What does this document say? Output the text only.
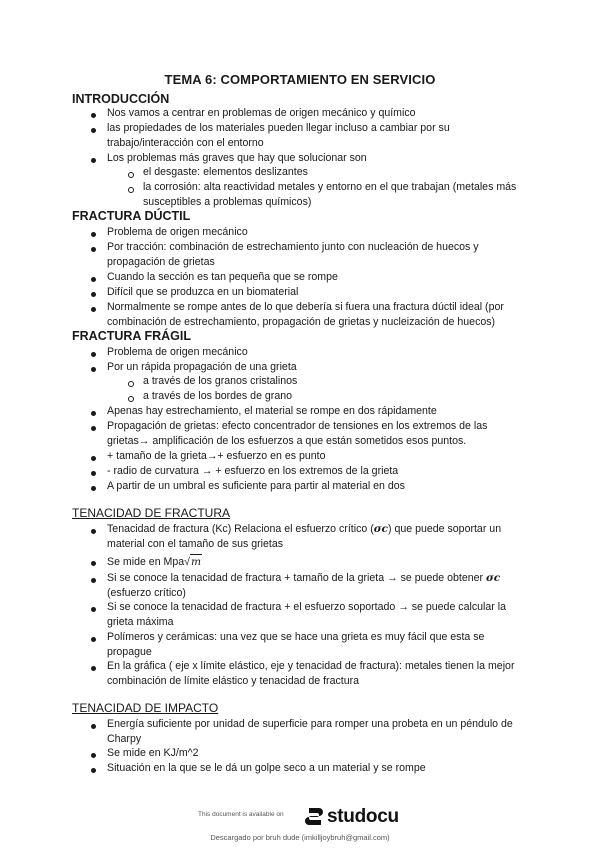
TEMA 6: COMPORTAMIENTO EN SERVICIO
INTRODUCCIÓN
Nos vamos a centrar en problemas de origen mecánico y químico
las propiedades de los materiales pueden llegar incluso a cambiar por su trabajo/interacción con el entorno
Los problemas más graves que hay que solucionar son
el desgaste: elementos deslizantes
la corrosión: alta reactividad metales y entorno en el que trabajan (metales más susceptibles a problemas químicos)
FRACTURA DÚCTIL
Problema de origen mecánico
Por tracción: combinación de estrechamiento junto con nucleación de huecos y propagación de grietas
Cuando la sección es tan pequeña que se rompe
Difícil que se produzca en un biomaterial
Normalmente se rompe antes de lo que debería si fuera una fractura dúctil ideal (por combinación de estrechamiento, propagación de grietas y nucleización de huecos)
FRACTURA FRÁGIL
Problema de origen mecánico
Por un rápida propagación de una grieta
a través de los granos cristalinos
a través de los bordes de grano
Apenas hay estrechamiento, el material se rompe en dos rápidamente
Propagación de grietas: efecto concentrador de tensiones en los extremos de las grietas→ amplificación de los esfuerzos a que están sometidos esos puntos.
+ tamaño de la grieta→+ esfuerzo en es punto
- radio de curvatura → + esfuerzo en los extremos de la grieta
A partir de un umbral es suficiente para partir al material en dos
TENACIDAD DE FRACTURA
Tenacidad de fractura (Kc) Relaciona el esfuerzo crítico (σc) que puede soportar un material con el tamaño de sus grietas
Se mide en Mpa√m
Si se conoce la tenacidad de fractura + tamaño de la grieta → se puede obtener σc (esfuerzo crítico)
Si se conoce la tenacidad de fractura + el esfuerzo soportado → se puede calcular la grieta máxima
Polímeros y cerámicas: una vez que se hace una grieta es muy fácil que esta se propague
En la gráfica ( eje x límite elástico, eje y tenacidad de fractura): metales tienen la mejor combinación de límite elástico y tenacidad de fractura
TENACIDAD DE IMPACTO
Energía suficiente por unidad de superficie para romper una probeta en un péndulo de Charpy
Se mide en KJ/m^2
Situación en la que se le dá un golpe seco a un material y se rompe
This document is available on studocu
Descargado por bruh dude (imkilljoybruh@gmail.com)
